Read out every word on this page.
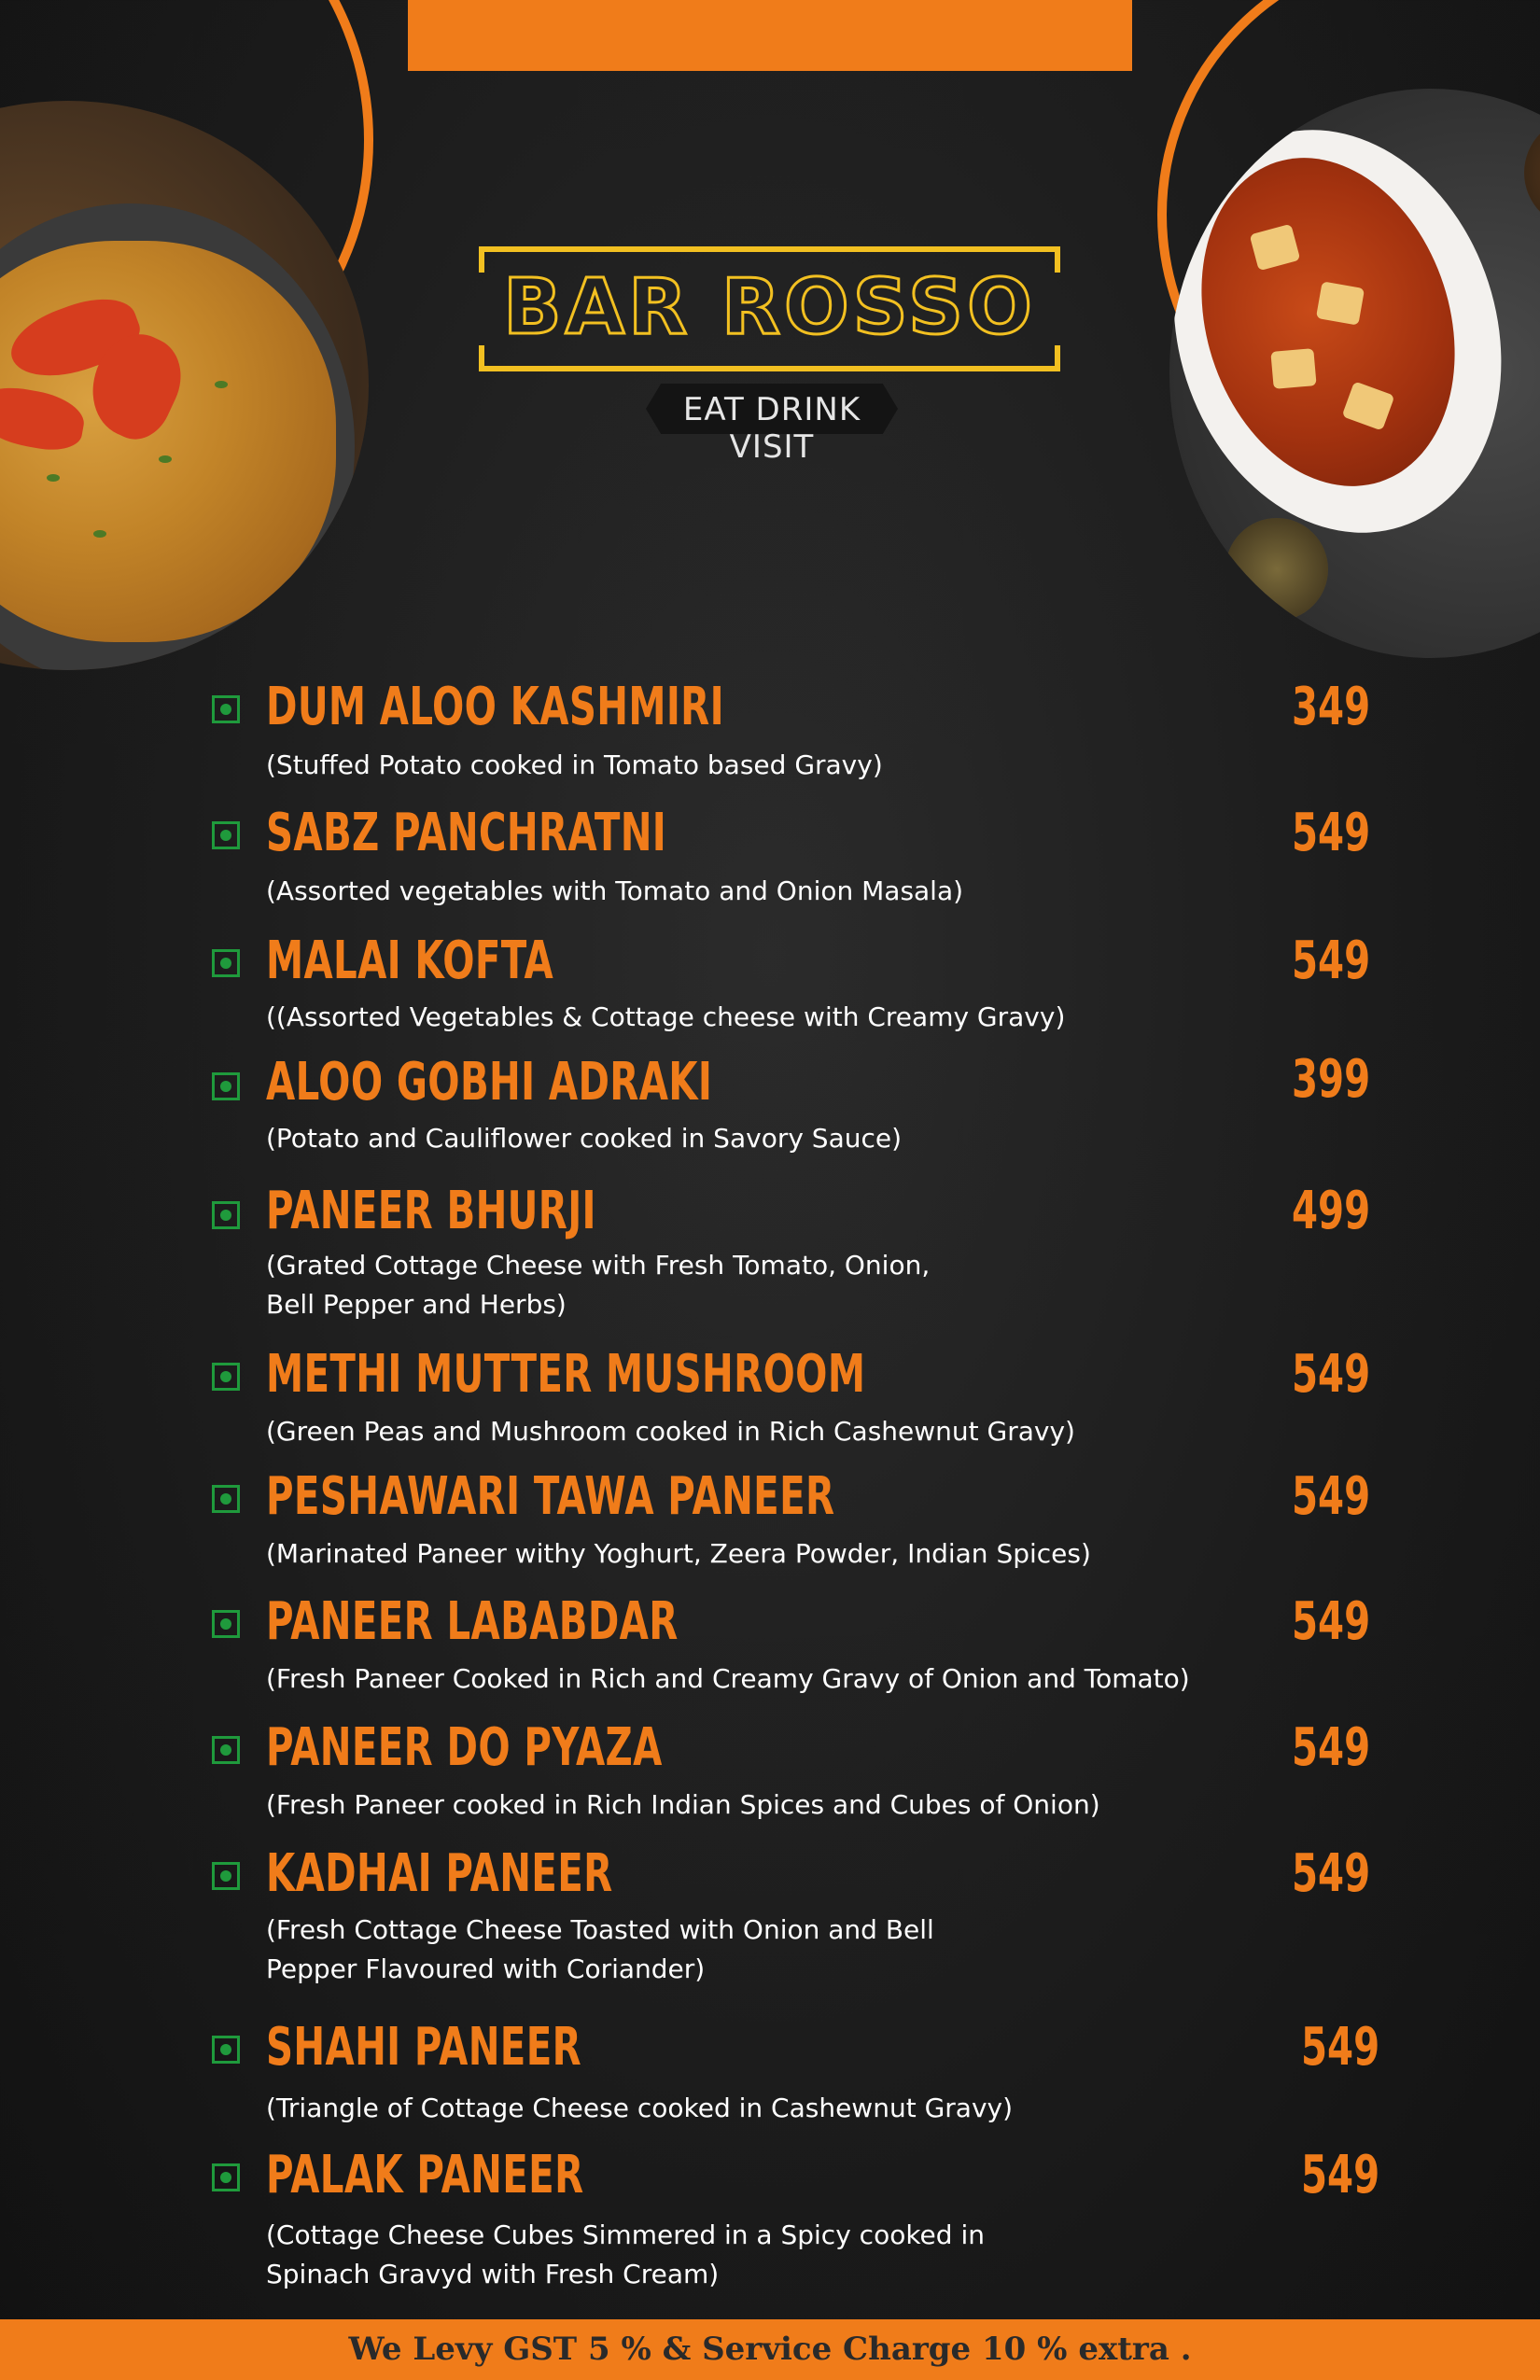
BAR ROSSO
EAT DRINK VISIT
DUM ALOO KASHMIRI	349
(Stuffed Potato cooked in Tomato based Gravy)
SABZ PANCHRATNI	549
(Assorted vegetables with Tomato and Onion Masala)
MALAI KOFTA	549
((Assorted Vegetables & Cottage cheese with Creamy Gravy)
ALOO GOBHI ADRAKI	399
(Potato and Cauliflower cooked in Savory Sauce)
PANEER BHURJI	499
(Grated Cottage Cheese with Fresh Tomato, Onion,
Bell Pepper and Herbs)
METHI MUTTER MUSHROOM	549
(Green Peas and Mushroom cooked in Rich Cashewnut Gravy)
PESHAWARI TAWA PANEER	549
(Marinated Paneer withy Yoghurt, Zeera Powder, Indian Spices)
PANEER LABABDAR	549
(Fresh Paneer Cooked in Rich and Creamy Gravy of Onion and Tomato)
PANEER DO PYAZA	549
(Fresh Paneer cooked in Rich Indian Spices and Cubes of Onion)
KADHAI PANEER	549
(Fresh Cottage Cheese Toasted with Onion and Bell
Pepper Flavoured with Coriander)
SHAHI PANEER	549
(Triangle of Cottage Cheese cooked in Cashewnut Gravy)
PALAK PANEER	549
(Cottage Cheese Cubes Simmered in a Spicy cooked in
Spinach Gravyd with Fresh Cream)
We Levy GST 5 % & Service Charge 10 % extra .
